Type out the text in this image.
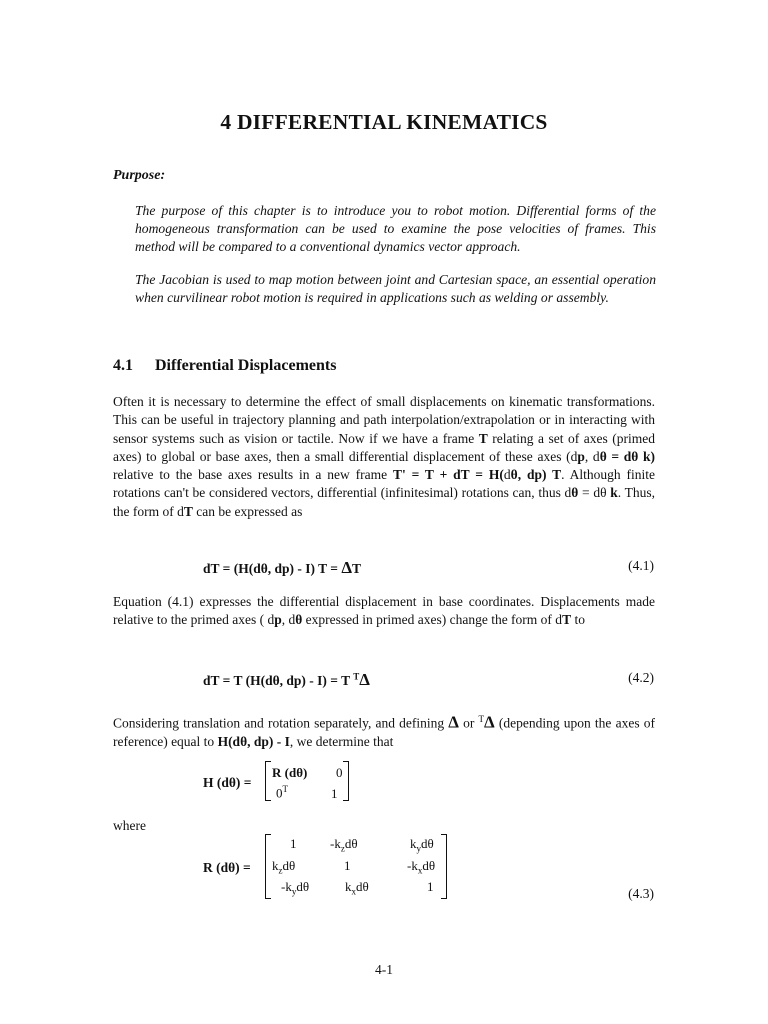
4 DIFFERENTIAL KINEMATICS
Purpose:
The purpose of this chapter is to introduce you to robot motion. Differential forms of the homogeneous transformation can be used to examine the pose velocities of frames. This method will be compared to a conventional dynamics vector approach.
The Jacobian is used to map motion between joint and Cartesian space, an essential operation when curvilinear robot motion is required in applications such as welding or assembly.
4.1 Differential Displacements
Often it is necessary to determine the effect of small displacements on kinematic transformations. This can be useful in trajectory planning and path interpolation/extrapolation or in interacting with sensor systems such as vision or tactile. Now if we have a frame T relating a set of axes (primed axes) to global or base axes, then a small differential displacement of these axes (dp, dθ = dθ k) relative to the base axes results in a new frame T' = T + dT = H(dθ, dp) T. Although finite rotations can't be considered vectors, differential (infinitesimal) rotations can, thus dθ = dθ k. Thus, the form of dT can be expressed as
dT = (H(dθ, dp) - I) T = ΔT	(4.1)
Equation (4.1) expresses the differential displacement in base coordinates. Displacements made relative to the primed axes ( dp, dθ expressed in primed axes) change the form of dT to
dT = T (H(dθ, dp) - I) = T $^T$Δ	(4.2)
Considering translation and rotation separately, and defining Δ or $^T$Δ (depending upon the axes of reference) equal to H(dθ, dp) - I, we determine that
H (dθ) =
R (dθ) 0
$0^T$	1
where
R (dθ) =
1	$-k_zd\theta$	$k_yd\theta$
$k_zd\theta$	1	$-k_xd\theta$
$-k_yd\theta$	$k_xd\theta$	1	(4.3)
4-1
